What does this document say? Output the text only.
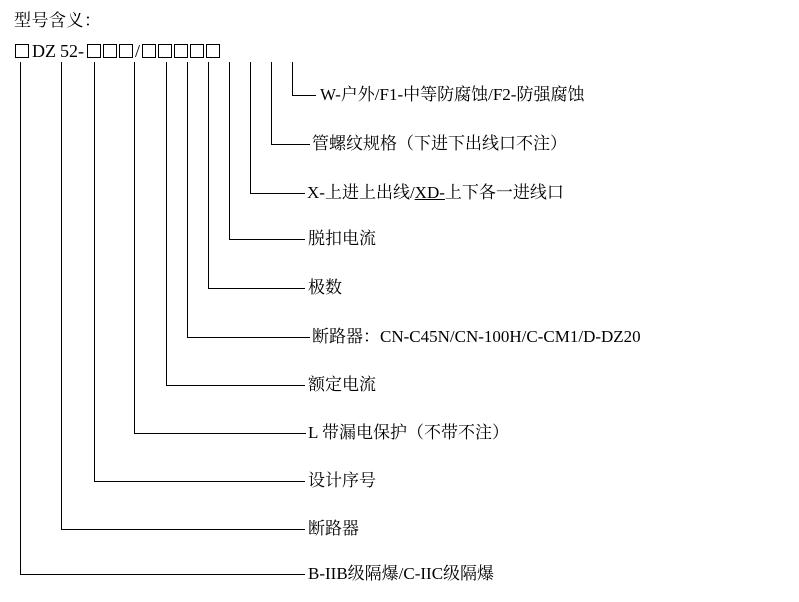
型号含义：
DZ 52-	/
W-户外/F1-中等防腐蚀/F2-防强腐蚀
管螺纹规格（下进下出线口不注）
X-上进上出线/XD-上下各一进线口
脱扣电流
极数
断路器：CN-C45N/CN-100H/C-CM1/D-DZ20
额定电流
L 带漏电保护（不带不注）
设计序号
断路器
B-IIB级隔爆/C-IIC级隔爆
